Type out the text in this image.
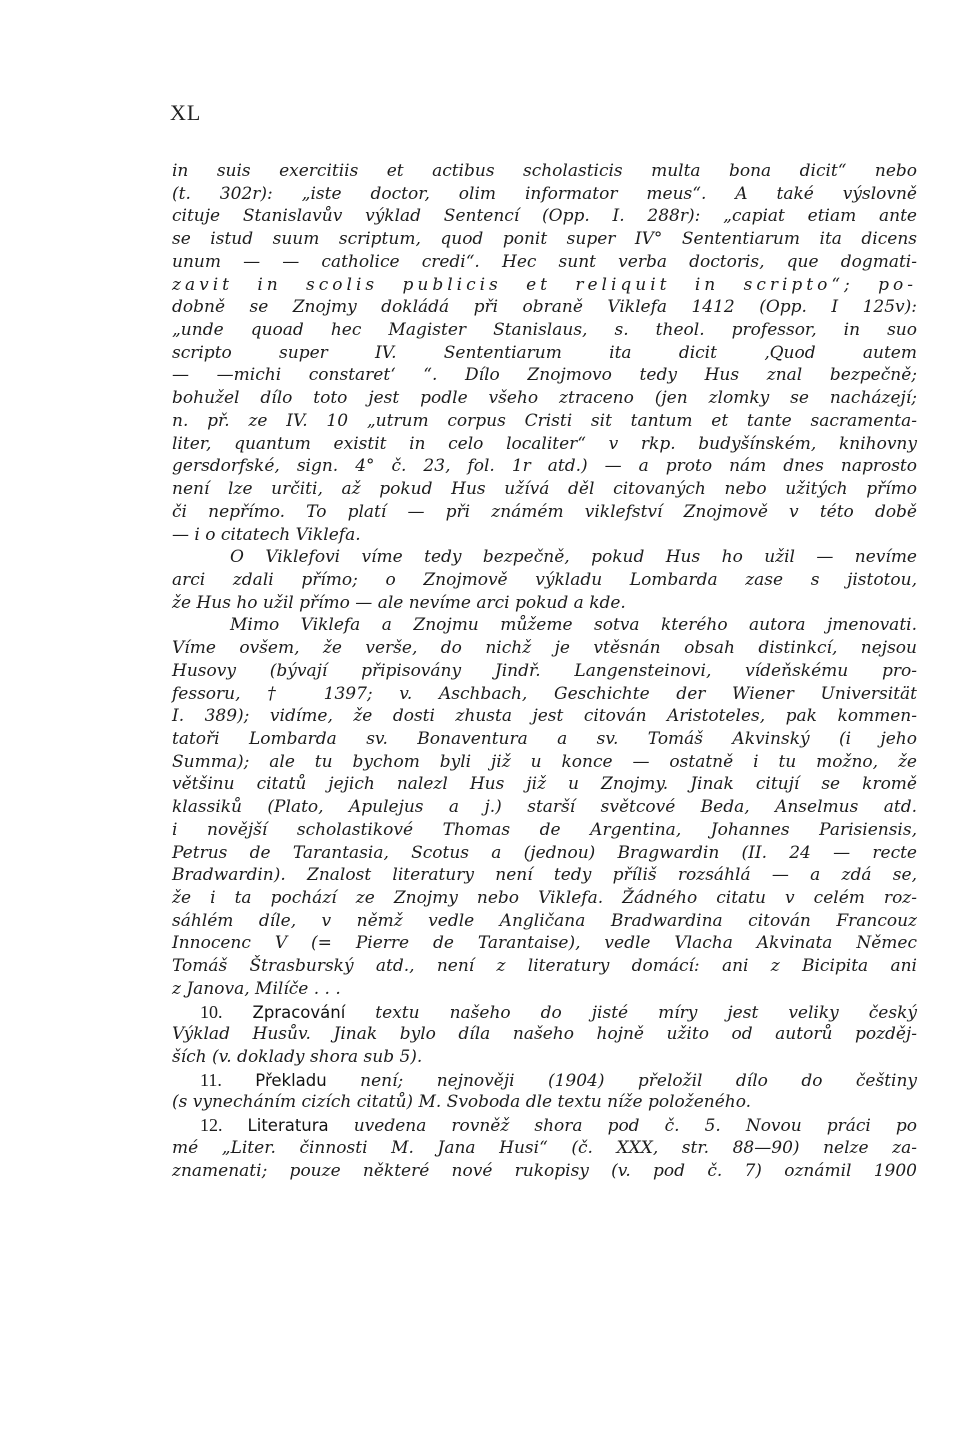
XL
in suis exercitiis et actibus scholasticis multa bona dicit“ nebo
(t. 302r): „iste doctor, olim informator meus“. A také výslovně
cituje Stanislavův výklad Sentencí (Opp. I. 288r): „capiat etiam ante
se istud suum scriptum, quod ponit super IV° Sententiarum ita dicens
unum — — catholice credi“. Hec sunt verba doctoris, que dogmati-
zavit in scolis publicis et reliquit in scripto“; po-
dobně se Znojmy dokládá při obraně Viklefa 1412 (Opp. I 125v):
„unde quoad hec Magister Stanislaus, s. theol. professor, in suo
scripto super IV. Sententiarum ita dicit ‚Quod autem
— —michi constaret‘ “. Dílo Znojmovo tedy Hus znal bezpečně;
bohužel dílo toto jest podle všeho ztraceno (jen zlomky se nacházejí;
n. př. ze IV. 10 „utrum corpus Cristi sit tantum et tante sacramenta-
liter, quantum existit in celo localiter“ v rkp. budyšínském, knihovny
gersdorfské, sign. 4° č. 23, fol. 1r atd.) — a proto nám dnes naprosto
není lze určiti, až pokud Hus užívá děl citovaných nebo užitých přímo
či nepřímo. To platí — při známém viklefství Znojmově v této době
— i o citatech Viklefa.
O Viklefovi víme tedy bezpečně, pokud Hus ho užil — nevíme
arci zdali přímo; o Znojmově výkladu Lombarda zase s jistotou,
že Hus ho užil přímo — ale nevíme arci pokud a kde.
Mimo Viklefa a Znojmu můžeme sotva kterého autora jmenovati.
Víme ovšem, že verše, do nichž je vtěsnán obsah distinkcí, nejsou
Husovy (bývají připisovány Jindř. Langensteinovi, vídeňskému pro-
fessoru, † 1397; v. Aschbach, Geschichte der Wiener Universität
I. 389); vidíme, že dosti zhusta jest citován Aristoteles, pak kommen-
tatoři Lombarda sv. Bonaventura a sv. Tomáš Akvinský (i jeho
Summa); ale tu bychom byli již u konce — ostatně i tu možno, že
většinu citatů jejich nalezl Hus již u Znojmy. Jinak citují se kromě
klassiků (Plato, Apulejus a j.) starší světcové Beda, Anselmus atd.
i novější scholastikové Thomas de Argentina, Johannes Parisiensis,
Petrus de Tarantasia, Scotus a (jednou) Bragwardin (II. 24 — recte
Bradwardin). Znalost literatury není tedy příliš rozsáhlá — a zdá se,
že i ta pochází ze Znojmy nebo Viklefa. Žádného citatu v celém roz-
sáhlém díle, v němž vedle Angličana Bradwardina citován Francouz
Innocenc V (= Pierre de Tarantaise), vedle Vlacha Akvinata Němec
Tomáš Štrasburský atd., není z literatury domácí: ani z Bicipita ani
z Janova, Milíče . . .
10. Zpracování textu našeho do jisté míry jest veliky český
Výklad Husův. Jinak bylo díla našeho hojně užito od autorů pozděj-
ších (v. doklady shora sub 5).
11. Překladu není; nejnověji (1904) přeložil dílo do češtiny
(s vynecháním cizích citatů) M. Svoboda dle textu níže položeného.
12. Literatura uvedena rovněž shora pod č. 5. Novou práci po
mé „Liter. činnosti M. Jana Husi“ (č. XXX, str. 88—90) nelze za-
znamenati; pouze některé nové rukopisy (v. pod č. 7) oznámil 1900
